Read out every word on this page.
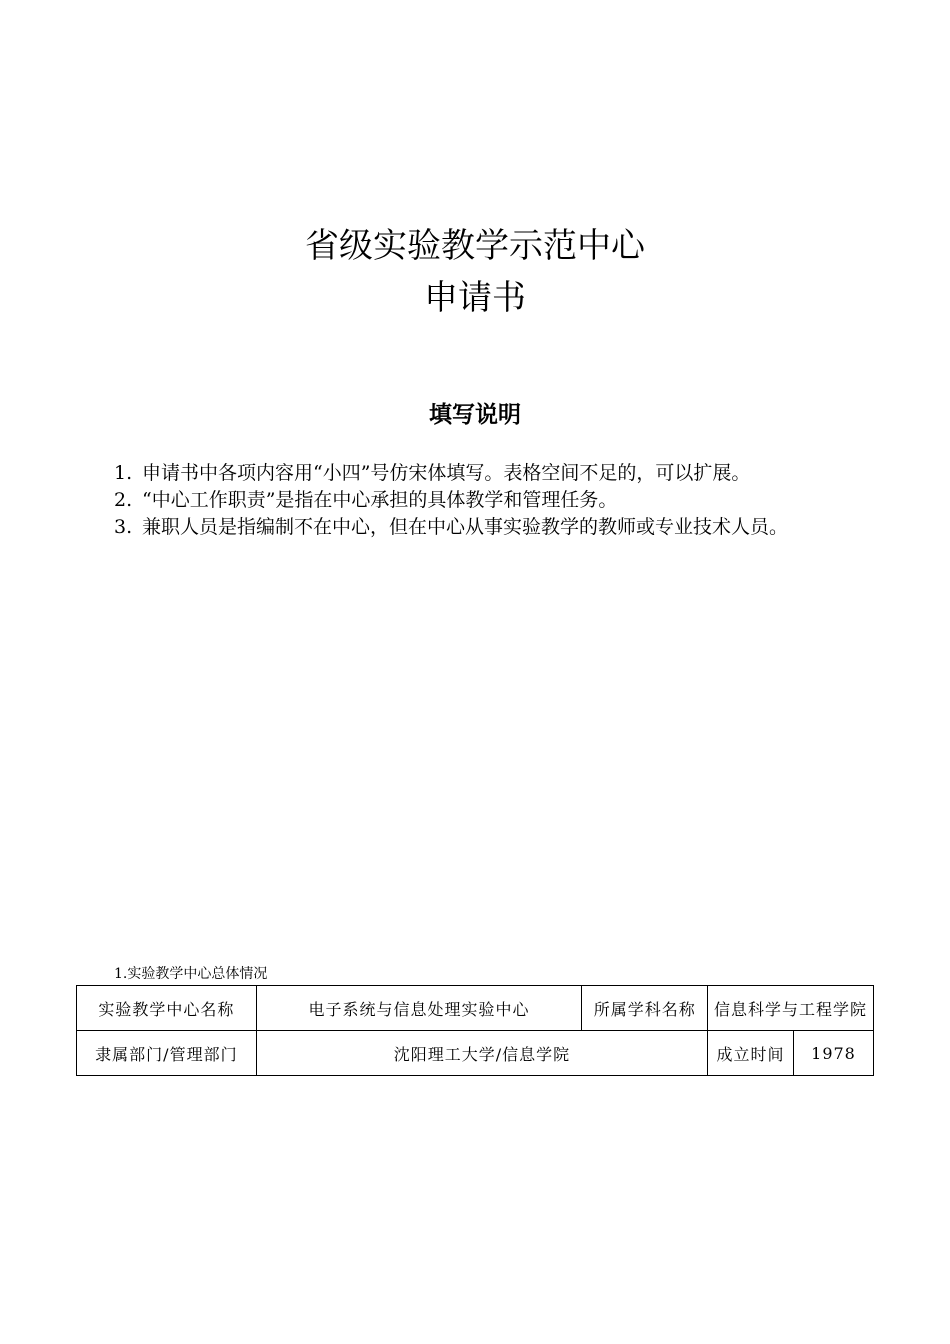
省级实验教学示范中心
申请书
填写说明
1. 申请书中各项内容用“小四”号仿宋体填写。表格空间不足的，可以扩展。
2. “中心工作职责”是指在中心承担的具体教学和管理任务。
3. 兼职人员是指编制不在中心，但在中心从事实验教学的教师或专业技术人员。
1.实验教学中心总体情况
实验教学中心名称	电子系统与信息处理实验中心	所属学科名称	信息科学与工程学院	
隶属部门/管理部门	沈阳理工大学/信息学院		成立时间	1978
